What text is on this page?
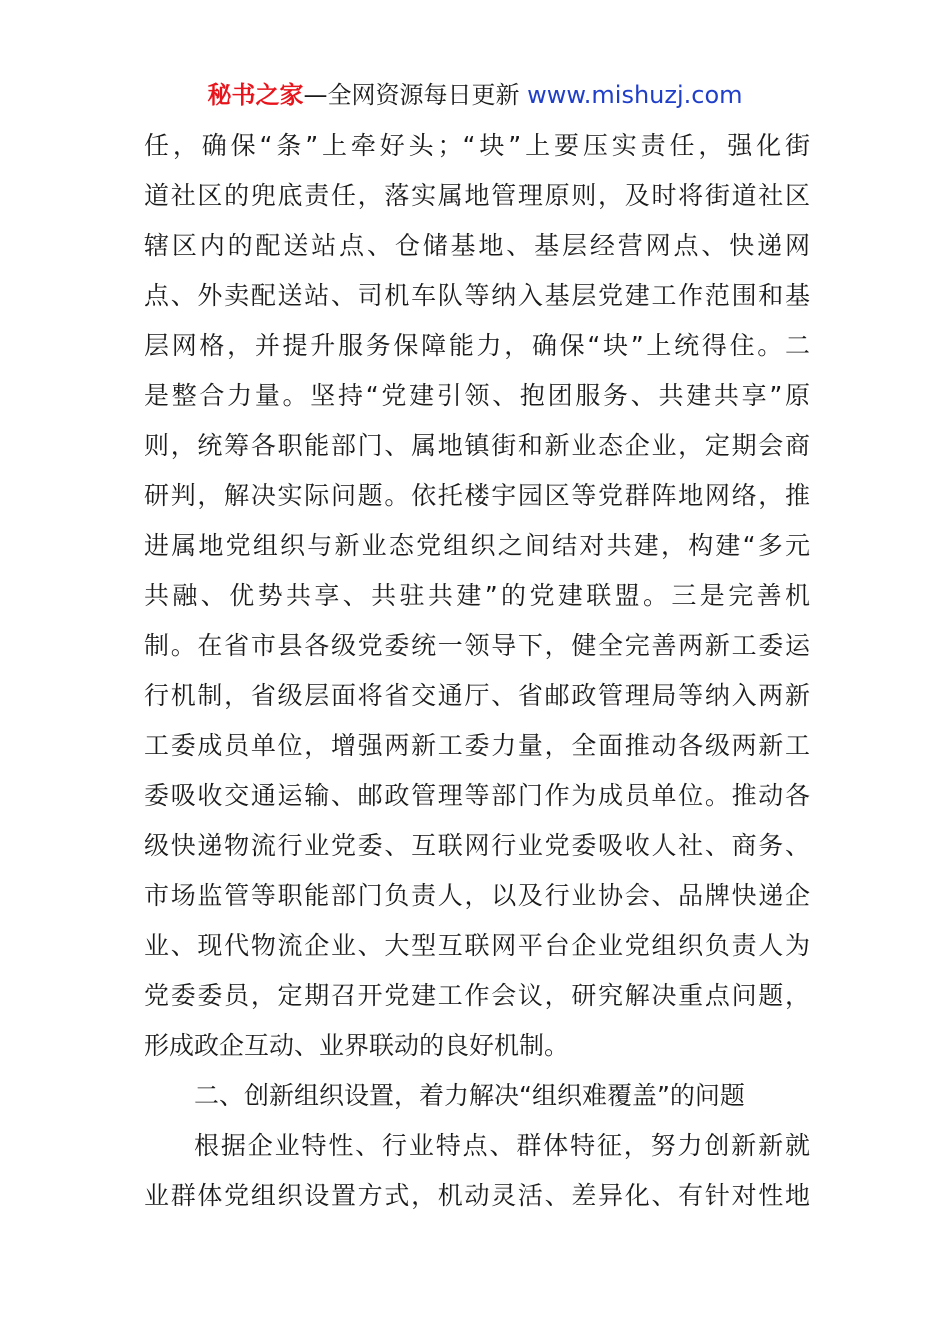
秘书之家—全网资源每日更新 www.mishuzj.com
任，确保“条”上牵好头；“块”上要压实责任，强化街
道社区的兜底责任，落实属地管理原则，及时将街道社区
辖区内的配送站点、仓储基地、基层经营网点、快递网
点、外卖配送站、司机车队等纳入基层党建工作范围和基
层网格，并提升服务保障能力，确保“块”上统得住。二
是整合力量。坚持“党建引领、抱团服务、共建共享”原
则，统筹各职能部门、属地镇街和新业态企业，定期会商
研判，解决实际问题。依托楼宇园区等党群阵地网络，推
进属地党组织与新业态党组织之间结对共建，构建“多元
共融、优势共享、共驻共建”的党建联盟。三是完善机
制。在省市县各级党委统一领导下，健全完善两新工委运
行机制，省级层面将省交通厅、省邮政管理局等纳入两新
工委成员单位，增强两新工委力量，全面推动各级两新工
委吸收交通运输、邮政管理等部门作为成员单位。推动各
级快递物流行业党委、互联网行业党委吸收人社、商务、
市场监管等职能部门负责人，以及行业协会、品牌快递企
业、现代物流企业、大型互联网平台企业党组织负责人为
党委委员，定期召开党建工作会议，研究解决重点问题，
形成政企互动、业界联动的良好机制。
二、创新组织设置，着力解决“组织难覆盖”的问题
根据企业特性、行业特点、群体特征，努力创新新就
业群体党组织设置方式，机动灵活、差异化、有针对性地
